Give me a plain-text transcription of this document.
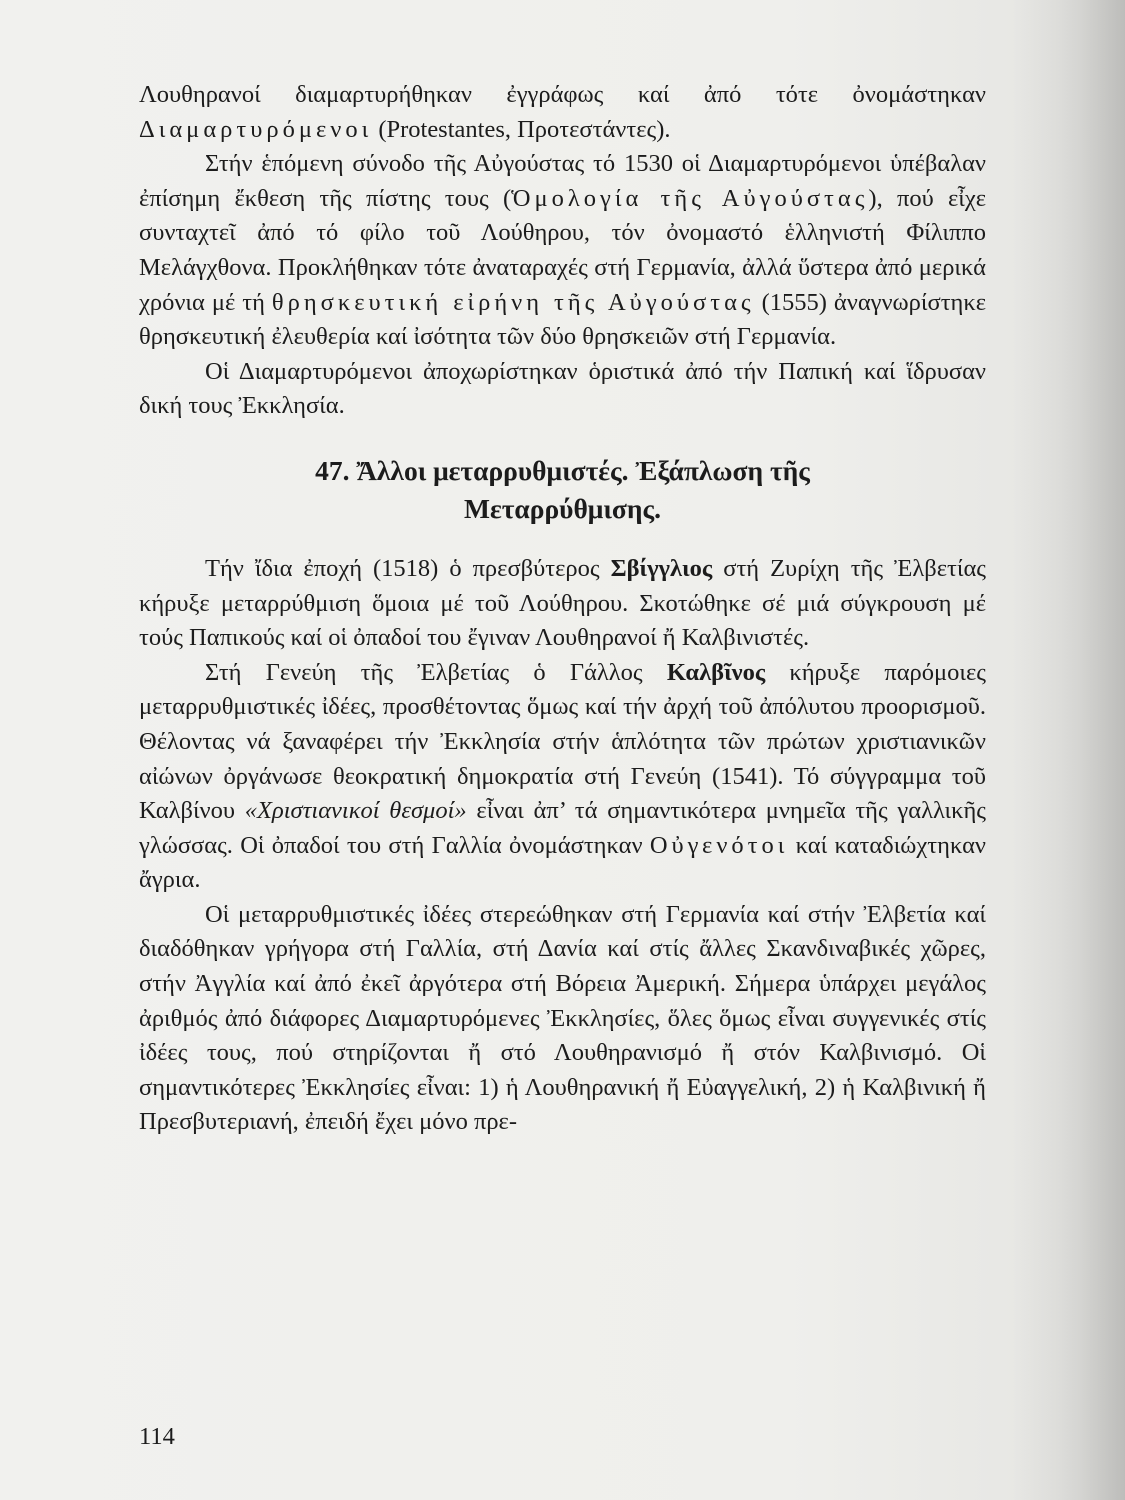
Λουθηρανοί διαμαρτυρήθηκαν ἐγγράφως καί ἀπό τότε ὀνομάστηκαν Διαμαρτυρόμενοι (Protestantes, Προτεστάντες).

Στήν ἑπόμενη σύνοδο τῆς Αὐγούστας τό 1530 οἱ Διαμαρτυρόμενοι ὑπέβαλαν ἐπίσημη ἔκθεση τῆς πίστης τους (Ὁμολογία τῆς Αὐγούστας), πού εἶχε συνταχτεῖ ἀπό τό φίλο τοῦ Λούθηρου, τόν ὀνομαστό ἑλληνιστή Φίλιππο Μελάγχθονα. Προκλήθηκαν τότε ἀναταραχές στή Γερμανία, ἀλλά ὕστερα ἀπό μερικά χρόνια μέ τή θρησκευτική εἰρήνη τῆς Αὐγούστας (1555) ἀναγνωρίστηκε θρησκευτική ἐλευθερία καί ἰσότητα τῶν δύο θρησκειῶν στή Γερμανία.

Οἱ Διαμαρτυρόμενοι ἀποχωρίστηκαν ὁριστικά ἀπό τήν Παπική καί ἵδρυσαν δική τους Ἐκκλησία.

47. Ἄλλοι μεταρρυθμιστές. Ἐξάπλωση τῆς
Μεταρρύθμισης.

Τήν ἴδια ἐποχή (1518) ὁ πρεσβύτερος Σβίγγλιος στή Ζυρίχη τῆς Ἐλβετίας κήρυξε μεταρρύθμιση ὅμοια μέ τοῦ Λούθηρου. Σκοτώθηκε σέ μιά σύγκρουση μέ τούς Παπικούς καί οἱ ὀπαδοί του ἔγιναν Λουθηρανοί ἤ Καλβινιστές.

Στή Γενεύη τῆς Ἐλβετίας ὁ Γάλλος Καλβῖνος κήρυξε παρόμοιες μεταρρυθμιστικές ἰδέες, προσθέτοντας ὅμως καί τήν ἀρχή τοῦ ἀπόλυτου προορισμοῦ. Θέλοντας νά ξαναφέρει τήν Ἐκκλησία στήν ἁπλότητα τῶν πρώτων χριστιανικῶν αἰώνων ὀργάνωσε θεοκρατική δημοκρατία στή Γενεύη (1541). Τό σύγγραμμα τοῦ Καλβίνου «Χριστιανικοί θεσμοί» εἶναι ἀπ’ τά σημαντικότερα μνημεῖα τῆς γαλλικῆς γλώσσας. Οἱ ὀπαδοί του στή Γαλλία ὀνομάστηκαν Οὐγενότοι καί καταδιώχτηκαν ἄγρια.

Οἱ μεταρρυθμιστικές ἰδέες στερεώθηκαν στή Γερμανία καί στήν Ἐλβετία καί διαδόθηκαν γρήγορα στή Γαλλία, στή Δανία καί στίς ἄλλες Σκανδιναβικές χῶρες, στήν Ἀγγλία καί ἀπό ἐκεῖ ἀργότερα στή Βόρεια Ἀμερική. Σήμερα ὑπάρχει μεγάλος ἀριθμός ἀπό διάφορες Διαμαρτυρόμενες Ἐκκλησίες, ὅλες ὅμως εἶναι συγγενικές στίς ἰδέες τους, πού στηρίζονται ἤ στό Λουθηρανισμό ἤ στόν Καλβινισμό. Οἱ σημαντικότερες Ἐκκλησίες εἶναι: 1) ἡ Λουθηρανική ἤ Εὐαγγελική, 2) ἡ Καλβινική ἤ Πρεσβυτεριανή, ἐπειδή ἔχει μόνο πρε-

114
